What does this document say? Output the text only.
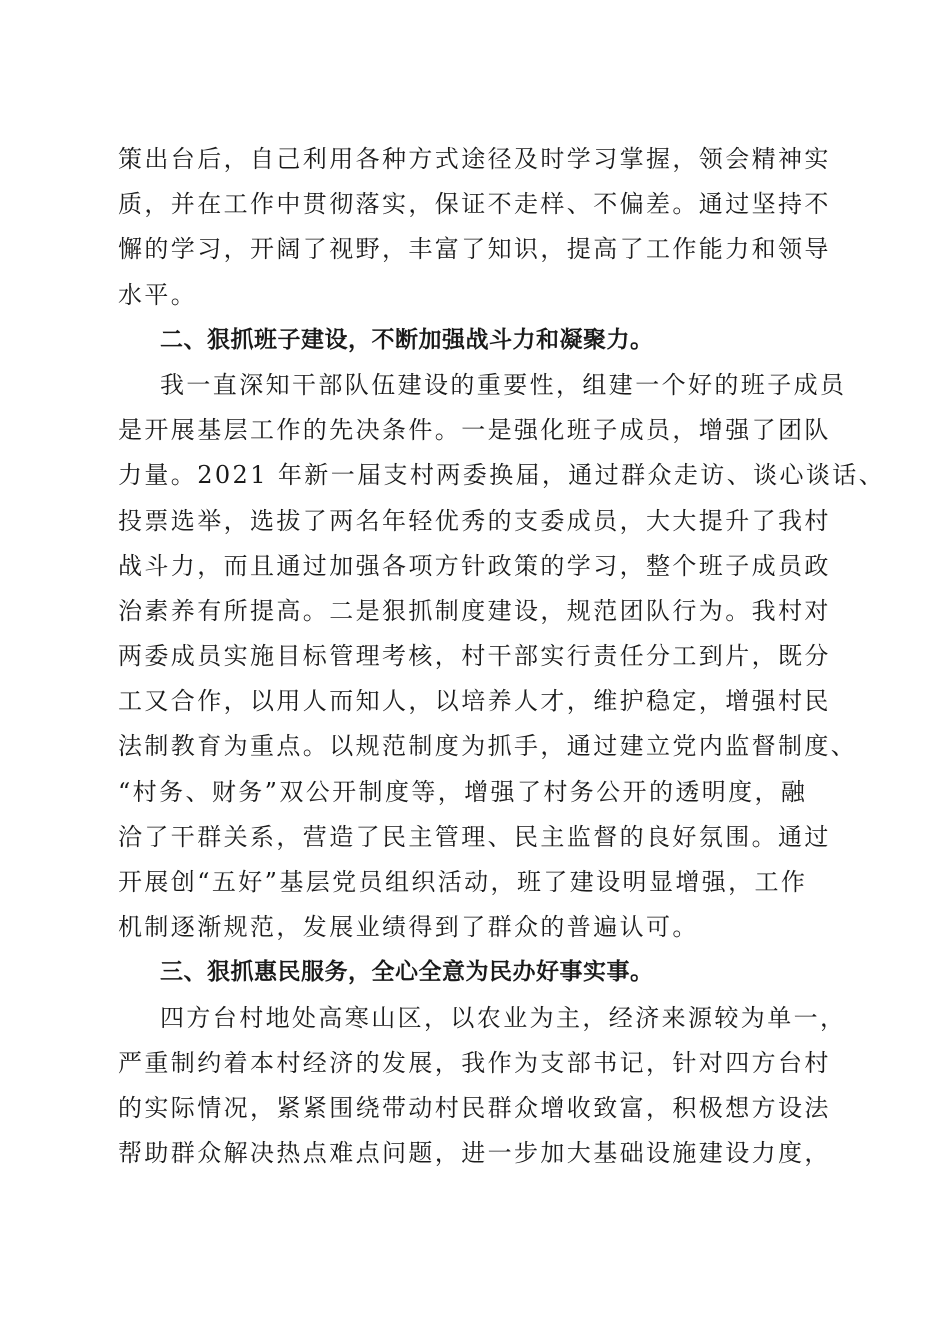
策出台后，自己利用各种方式途径及时学习掌握，领会精神实
质，并在工作中贯彻落实，保证不走样、不偏差。通过坚持不
懈的学习，开阔了视野，丰富了知识，提高了工作能力和领导
水平。
二、狠抓班子建设，不断加强战斗力和凝聚力。
我一直深知干部队伍建设的重要性，组建一个好的班子成员
是开展基层工作的先决条件。一是强化班子成员，增强了团队
力量。2021 年新一届支村两委换届，通过群众走访、谈心谈话、
投票选举，选拔了两名年轻优秀的支委成员，大大提升了我村
战斗力，而且通过加强各项方针政策的学习，整个班子成员政
治素养有所提高。二是狠抓制度建设，规范团队行为。我村对
两委成员实施目标管理考核，村干部实行责任分工到片，既分
工又合作，以用人而知人，以培养人才，维护稳定，增强村民
法制教育为重点。以规范制度为抓手，通过建立党内监督制度、
“村务、财务”双公开制度等，增强了村务公开的透明度，融
洽了干群关系，营造了民主管理、民主监督的良好氛围。通过
开展创“五好”基层党员组织活动，班了建设明显增强，工作
机制逐渐规范，发展业绩得到了群众的普遍认可。
三、狠抓惠民服务，全心全意为民办好事实事。
四方台村地处高寒山区，以农业为主，经济来源较为单一，
严重制约着本村经济的发展，我作为支部书记，针对四方台村
的实际情况，紧紧围绕带动村民群众增收致富，积极想方设法
帮助群众解决热点难点问题，进一步加大基础设施建设力度，
